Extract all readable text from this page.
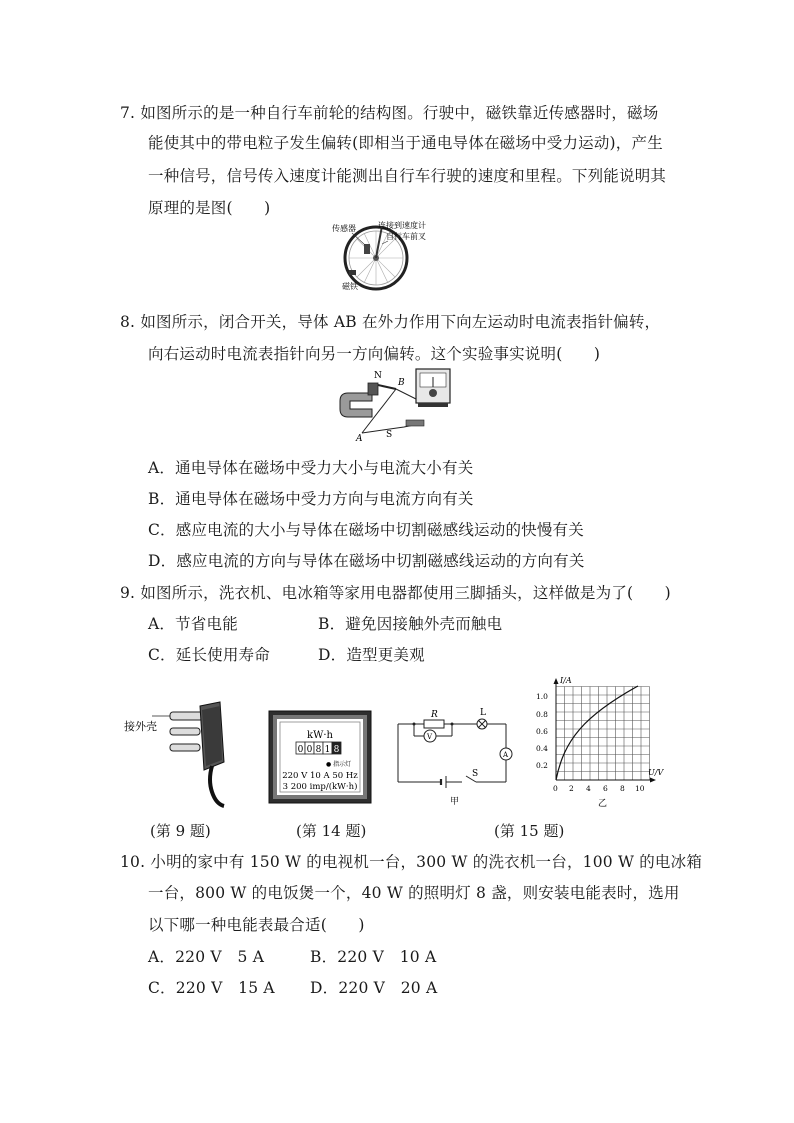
7. 如图所示的是一种自行车前轮的结构图。行驶中，磁铁靠近传感器时，磁场
能使其中的带电粒子发生偏转(即相当于通电导体在磁场中受力运动)，产生
一种信号，信号传入速度计能测出自行车行驶的速度和里程。下列能说明其
原理的是图(　　)
传感器	连接到速度计
自行车前叉
磁铁
8. 如图所示，闭合开关，导体 AB 在外力作用下向左运动时电流表指针偏转，
向右运动时电流表指针向另一方向偏转。这个实验事实说明(　　)
N
B
A	S
A．通电导体在磁场中受力大小与电流大小有关
B．通电导体在磁场中受力方向与电流方向有关
C．感应电流的大小与导体在磁场中切割磁感线运动的快慢有关
D．感应电流的方向与导体在磁场中切割磁感线运动的方向有关
9. 如图所示，洗衣机、电冰箱等家用电器都使用三脚插头，这样做是为了(　　)
A．节省电能	B．避免因接触外壳而触电
C．延长使用寿命	D．造型更美观
接外壳
kW·h
0 0 8 1 8
● 指示灯
220 V 10 A 50 Hz
3 200 imp/(kW·h)
R	L
V
A
S
甲
I/A
U/V
1.0
0.8
0.6
0.4
0.2
0 2 4 6 8 10
乙
(第 9 题)	(第 14 题)	(第 15 题)
10. 小明的家中有 150 W 的电视机一台，300 W 的洗衣机一台，100 W 的电冰箱
一台，800 W 的电饭煲一个，40 W 的照明灯 8 盏，则安装电能表时，选用
以下哪一种电能表最合适(　　)
A．220 V　5 A	B．220 V　10 A
C．220 V　15 A D．220 V　20 A
